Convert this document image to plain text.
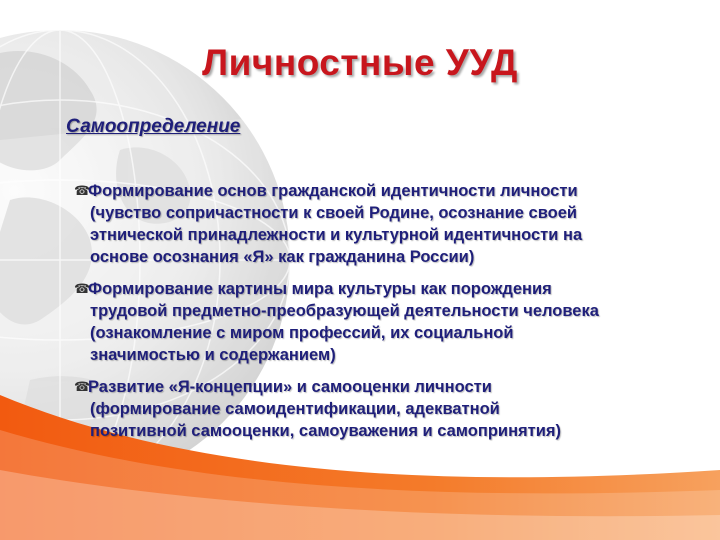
Личностные УУД
Самоопределение
☎
Формирование основ гражданской идентичности личности
(чувство сопричастности к своей Родине, осознание своей
этнической принадлежности и культурной идентичности на
основе осознания «Я» как гражданина России)
☎
Формирование картины мира культуры как порождения
трудовой предметно-преобразующей деятельности человека
(ознакомление с миром профессий, их социальной
значимостью и содержанием)
☎
Развитие «Я-концепции» и самооценки личности
(формирование самоидентификации, адекватной
позитивной самооценки, самоуважения и самопринятия)
